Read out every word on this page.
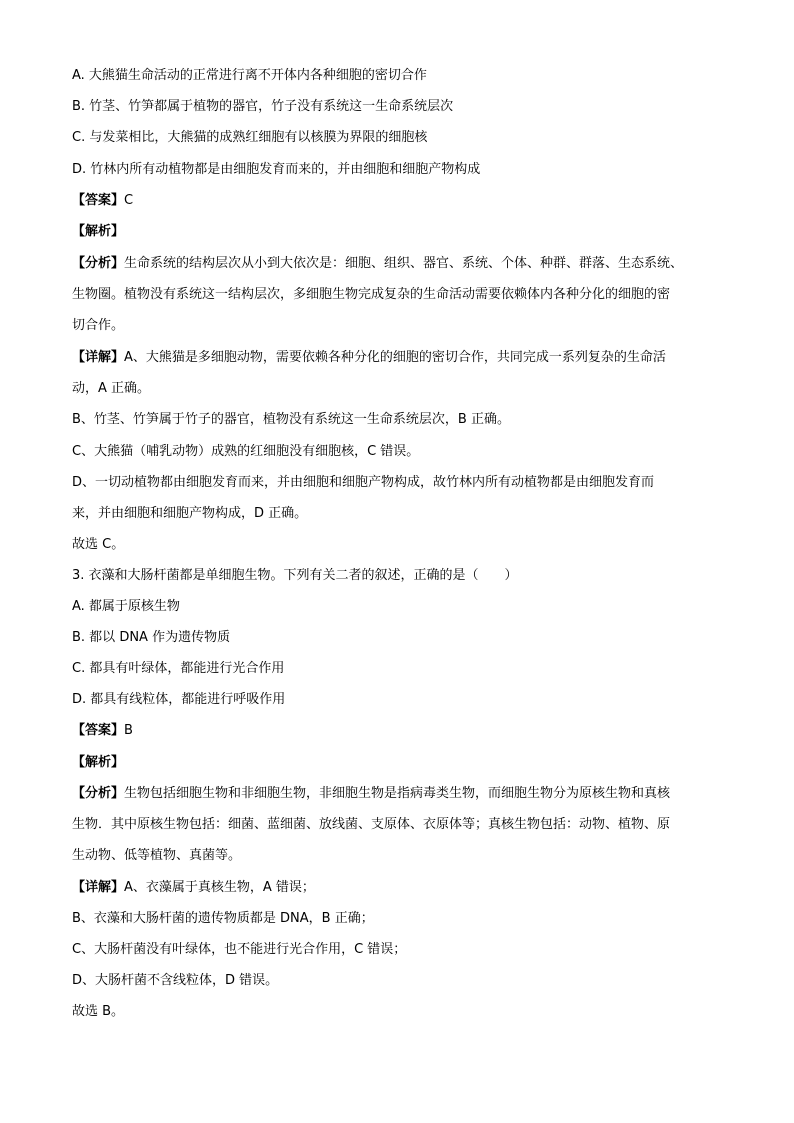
A. 大熊猫生命活动的正常进行离不开体内各种细胞的密切合作
B. 竹茎、竹笋都属于植物的器官，竹子没有系统这一生命系统层次
C. 与发菜相比，大熊猫的成熟红细胞有以核膜为界限的细胞核
D. 竹林内所有动植物都是由细胞发育而来的，并由细胞和细胞产物构成
【答案】C
【解析】
【分析】生命系统的结构层次从小到大依次是：细胞、组织、器官、系统、个体、种群、群落、生态系统、
生物圈。植物没有系统这一结构层次，多细胞生物完成复杂的生命活动需要依赖体内各种分化的细胞的密
切合作。
【详解】A、大熊猫是多细胞动物，需要依赖各种分化的细胞的密切合作，共同完成一系列复杂的生命活
动，A 正确。
B、竹茎、竹笋属于竹子的器官，植物没有系统这一生命系统层次，B 正确。
C、大熊猫（哺乳动物）成熟的红细胞没有细胞核，C 错误。
D、一切动植物都由细胞发育而来，并由细胞和细胞产物构成，故竹林内所有动植物都是由细胞发育而
来，并由细胞和细胞产物构成，D 正确。
故选 C。
3. 衣藻和大肠杆菌都是单细胞生物。下列有关二者的叙述，正确的是（　　）
A. 都属于原核生物
B. 都以 DNA 作为遗传物质
C. 都具有叶绿体，都能进行光合作用
D. 都具有线粒体，都能进行呼吸作用
【答案】B
【解析】
【分析】生物包括细胞生物和非细胞生物，非细胞生物是指病毒类生物，而细胞生物分为原核生物和真核
生物．其中原核生物包括：细菌、蓝细菌、放线菌、支原体、衣原体等；真核生物包括：动物、植物、原
生动物、低等植物、真菌等。
【详解】A、衣藻属于真核生物，A 错误；
B、衣藻和大肠杆菌的遗传物质都是 DNA，B 正确；
C、大肠杆菌没有叶绿体，也不能进行光合作用，C 错误；
D、大肠杆菌不含线粒体，D 错误。
故选 B。
